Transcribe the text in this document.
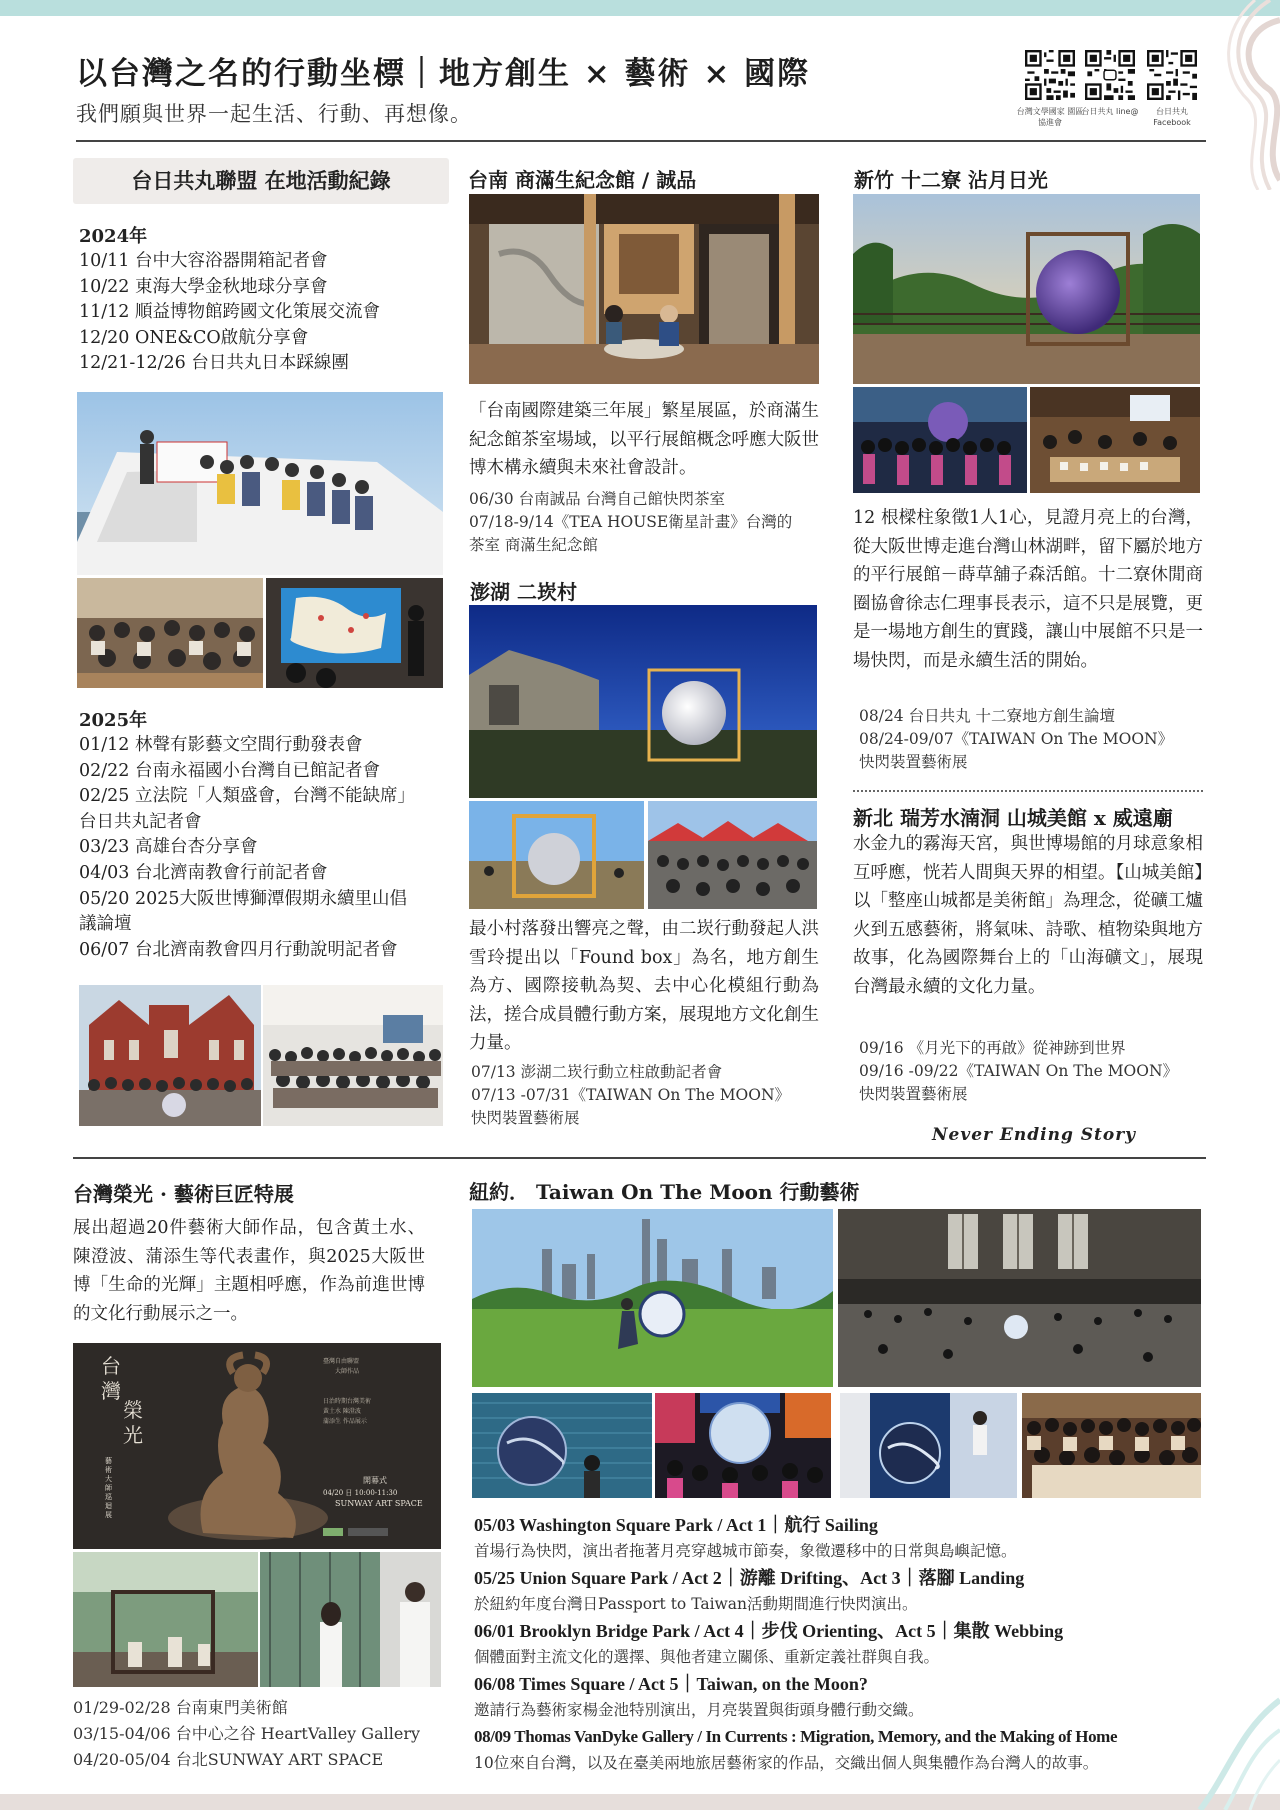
以台灣之名的行動坐標｜地方創生 × 藝術 × 國際
我們願與世界一起生活、行動、再想像。	台灣文學國家 園區協進會
台日共丸 line@	台日共丸 Facebook
台日共丸聯盟 在地活動紀錄
2024年
10/11 台中大容浴器開箱記者會
10/22 東海大學金秋地球分享會
11/12 順益博物館跨國文化策展交流會
12/20 ONE&CO啟航分享會
12/21-12/26 台日共丸日本踩線團
2025年
01/12 林聲有影藝文空間行動發表會
02/22 台南永福國小台灣自已館記者會
02/25 立法院「人類盛會，台灣不能缺席」
台日共丸記者會
03/23 高雄台杏分享會
04/03 台北濟南教會行前記者會
05/20 2025大阪世博獅潭假期永續里山倡
議論壇
06/07 台北濟南教會四月行動說明記者會
台南 商滿生紀念館 / 誠品
「台南國際建築三年展」繁星展區，於商滿生紀念館茶室場域，以平行展館概念呼應大阪世博木構永續與未來社會設計。
06/30 台南誠品 台灣自己館快閃茶室
07/18-9/14《TEA HOUSE衛星計畫》台灣的
茶室 商滿生紀念館
澎湖 二崁村
最小村落發出響亮之聲，由二崁行動發起人洪雪玲提出以「Found box」為名，地方創生為方、國際接軌為契、去中心化模組行動為法，搓合成員體行動方案，展現地方文化創生力量。
07/13 澎湖二崁行動立柱啟動記者會
07/13 -07/31《TAIWAN On The MOON》
快閃裝置藝術展
新竹 十二寮 沾月日光
12 根樑柱象徵1人1心，見證月亮上的台灣，從大阪世博走進台灣山林湖畔，留下屬於地方的平行展館－蒔草舖子森活館。十二寮休閒商圈協會徐志仁理事長表示，這不只是展覽，更是一場地方創生的實踐，讓山中展館不只是一場快閃，而是永續生活的開始。
08/24 台日共丸 十二寮地方創生論壇
08/24-09/07《TAIWAN On The MOON》
快閃裝置藝術展
新北 瑞芳水湳洞 山城美館 x 威遠廟
水金九的霧海天宮，與世博場館的月球意象相互呼應，恍若人間與天界的相望。【山城美館】以「整座山城都是美術館」為理念，從礦工爐火到五感藝術，將氣味、詩歌、植物染與地方故事，化為國際舞台上的「山海礦文」，展現台灣最永續的文化力量。
09/16 《月光下的再啟》從神跡到世界
09/16 -09/22《TAIWAN On The MOON》
快閃裝置藝術展
Never Ending Story
台灣榮光 · 藝術巨匠特展
展出超過20件藝術大師作品，包含黃土水、陳澄波、蒲添生等代表畫作，與2025大阪世博「生命的光輝」主題相呼應，作為前進世博的文化行動展示之一。
台
灣
榮
光
藝
術
大
師
巡
迴
展
臺灣自由聯盟
大師作品
日治時期台灣美術
黃土水 陳澄波
蒲添生 作品展示
開幕式
04/20 日 10:00-11:30
SUNWAY ART SPACE
01/29-02/28 台南東門美術館
03/15-04/06 台中心之谷 HeartValley Gallery
04/20-05/04 台北SUNWAY ART SPACE
紐約． Taiwan On The Moon 行動藝術
05/03 Washington Square Park / Act 1｜航行 Sailing
首場行為快閃，演出者拖著月亮穿越城市節奏，象徵遷移中的日常與島嶼記憶。
05/25 Union Square Park / Act 2｜游離 Drifting、Act 3｜落腳 Landing
於紐約年度台灣日Passport to Taiwan活動期間進行快閃演出。
06/01 Brooklyn Bridge Park / Act 4｜步伐 Orienting、Act 5｜集散 Webbing
個體面對主流文化的選擇、與他者建立關係、重新定義社群與自我。
06/08 Times Square / Act 5｜Taiwan, on the Moon?
邀請行為藝術家楊金池特別演出，月亮裝置與街頭身體行動交織。
08/09 Thomas VanDyke Gallery / In Currents : Migration, Memory, and the Making of Home
10位來自台灣，以及在臺美兩地旅居藝術家的作品，交織出個人與集體作為台灣人的故事。
